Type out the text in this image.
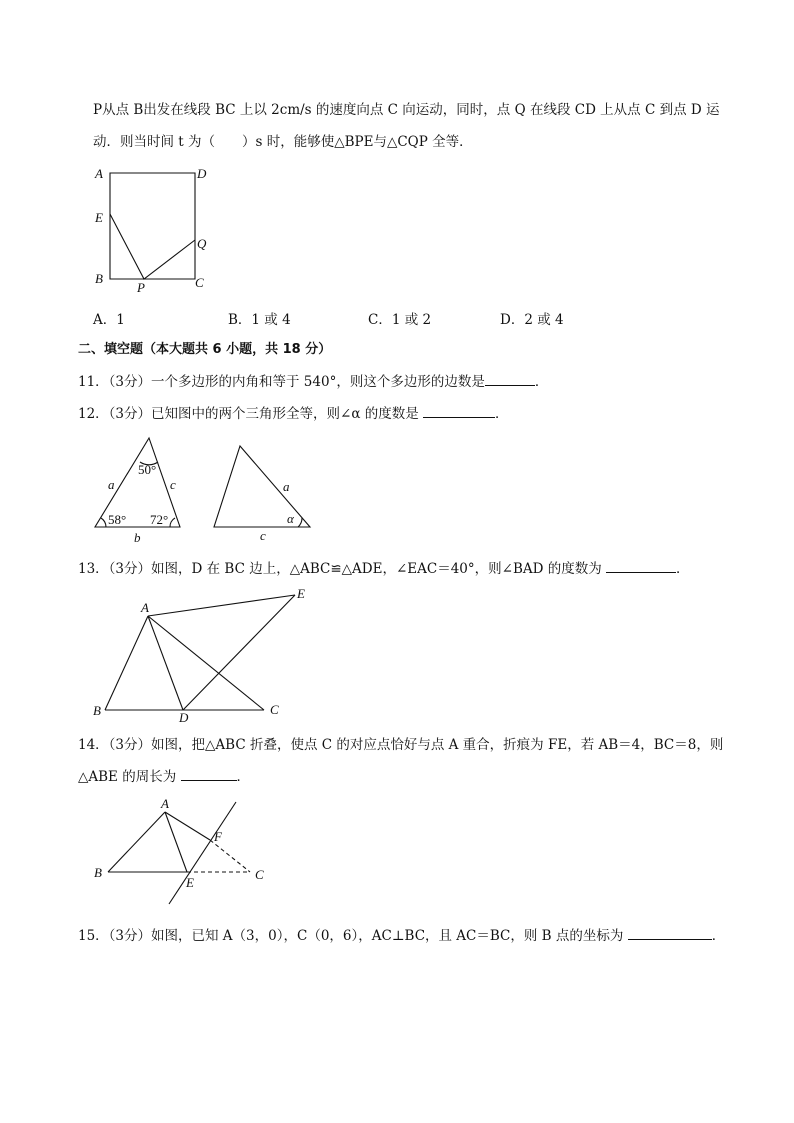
P从点 B出发在线段 BC 上以 2cm/s 的速度向点 C 向运动，同时，点 Q 在线段 CD 上从点 C 到点 D 运
动．则当时间 t 为（　　）s 时，能够使△BPE与△CQP 全等．
A	D
E
Q
B
P	C
A．1	B．1 或 4	C．1 或 2	D．2 或 4
二、填空题（本大题共 6 小题，共 18 分）
11．（3分）一个多边形的内角和等于 540°，则这个多边形的边数是	．
12．（3分）已知图中的两个三角形全等，则∠α 的度数是	．
50°
58° 72°
a	c
b
a
c
α
13．（3分）如图，D 在 BC 边上，△ABC≌△ADE，∠EAC＝40°，则∠BAD 的度数为	．
A
E
B	D
C
14．（3分）如图，把△ABC 折叠，使点 C 的对应点恰好与点 A 重合，折痕为 FE，若 AB＝4，BC＝8，则
△ABE 的周长为	．
A
F
B
E
C
15．（3分）如图，已知 A（3，0），C（0，6），AC⊥BC，且 AC＝BC，则 B 点的坐标为	．
